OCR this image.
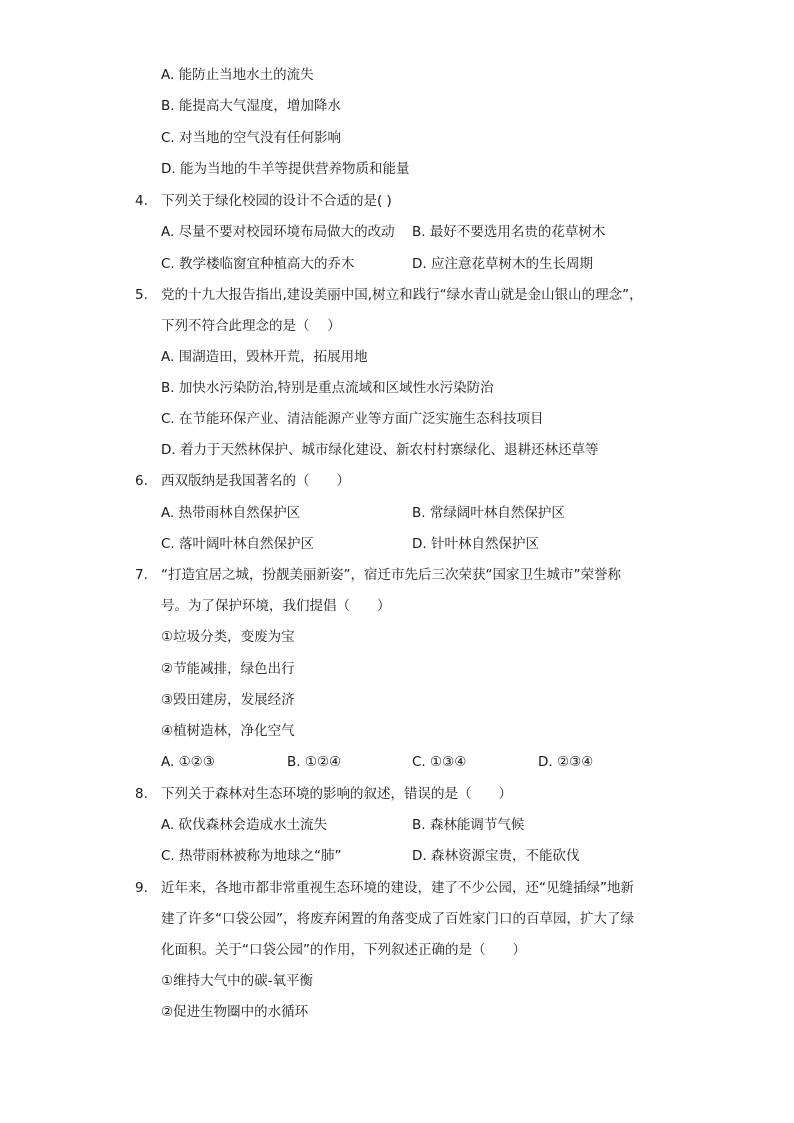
A. 能防止当地水土的流失
B. 能提高大气湿度，增加降水
C. 对当地的空气没有任何影响
D. 能为当地的牛羊等提供营养物质和能量
4. 下列关于绿化校园的设计不合适的是( )
A. 尽量不要对校园环境布局做大的改动 B. 最好不要选用名贵的花草树木
C. 教学楼临窗宜种植高大的乔木	D. 应注意花草树木的生长周期
5. 党的十九大报告指出,建设美丽中国,树立和践行“绿水青山就是金山银山的理念”，
下列不符合此理念的是（　 ）
A. 围湖造田，毁林开荒，拓展用地
B. 加快水污染防治,特别是重点流域和区域性水污染防治
C. 在节能环保产业、清洁能源产业等方面广泛实施生态科技项目
D. 着力于天然林保护、城市绿化建设、新农村村寨绿化、退耕还林还草等
6. 西双版纳是我国著名的（　　）
A. 热带雨林自然保护区	B. 常绿阔叶林自然保护区
C. 落叶阔叶林自然保护区	D. 针叶林自然保护区
7. “打造宜居之城，扮靓美丽新姿”，宿迁市先后三次荣获“国家卫生城市”荣誉称
号。为了保护环境，我们提倡（　　）
①垃圾分类，变废为宝
②节能减排，绿色出行
③毁田建房，发展经济
④植树造林，净化空气
A. ①②③	B. ①②④	C. ①③④	D. ②③④
8. 下列关于森林对生态环境的影响的叙述，错误的是（　　）
A. 砍伐森林会造成水土流失	B. 森林能调节气候
C. 热带雨林被称为地球之“肺”	D. 森林资源宝贵，不能砍伐
9. 近年来，各地市都非常重视生态环境的建设，建了不少公园，还“见缝插绿”地新
建了许多“口袋公园”，将废弃闲置的角落变成了百姓家门口的百草园，扩大了绿
化面积。关于“口袋公园”的作用，下列叙述正确的是（　　）
①维持大气中的碳-氧平衡
②促进生物圈中的水循环
